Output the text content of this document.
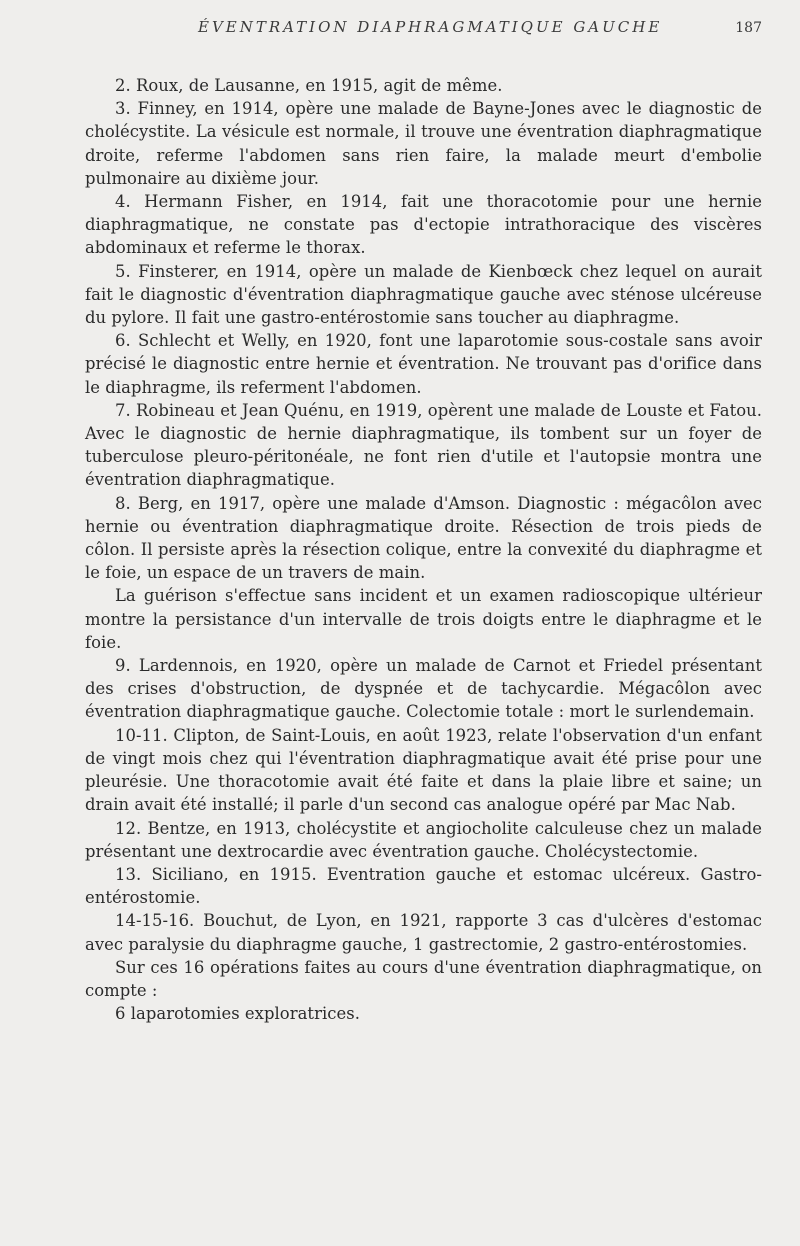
ÉVENTRATION DIAPHRAGMATIQUE GAUCHE	187

2. Roux, de Lausanne, en 1915, agit de même.

3. Finney, en 1914, opère une malade de Bayne-Jones avec le diagnostic de cholécystite. La vésicule est normale, il trouve une éventration diaphragmatique droite, referme l'abdomen sans rien faire, la malade meurt d'embolie pulmonaire au dixième jour.

4. Hermann Fisher, en 1914, fait une thoracotomie pour une hernie diaphragmatique, ne constate pas d'ectopie intrathoracique des viscères abdominaux et referme le thorax.

5. Finsterer, en 1914, opère un malade de Kienbœck chez lequel on aurait fait le diagnostic d'éventration diaphragmatique gauche avec sténose ulcéreuse du pylore. Il fait une gastro-entérostomie sans toucher au diaphragme.

6. Schlecht et Welly, en 1920, font une laparotomie sous-costale sans avoir précisé le diagnostic entre hernie et éventration. Ne trouvant pas d'orifice dans le diaphragme, ils referment l'abdomen.

7. Robineau et Jean Quénu, en 1919, opèrent une malade de Louste et Fatou. Avec le diagnostic de hernie diaphragmatique, ils tombent sur un foyer de tuberculose pleuro-péritonéale, ne font rien d'utile et l'autopsie montra une éventration diaphragmatique.

8. Berg, en 1917, opère une malade d'Amson. Diagnostic : mégacôlon avec hernie ou éventration diaphragmatique droite. Résection de trois pieds de côlon. Il persiste après la résection colique, entre la convexité du diaphragme et le foie, un espace de un travers de main.

La guérison s'effectue sans incident et un examen radioscopique ultérieur montre la persistance d'un intervalle de trois doigts entre le diaphragme et le foie.

9. Lardennois, en 1920, opère un malade de Carnot et Friedel présentant des crises d'obstruction, de dyspnée et de tachycardie. Mégacôlon avec éventration diaphragmatique gauche. Colectomie totale : mort le surlendemain.

10-11. Clipton, de Saint-Louis, en août 1923, relate l'observation d'un enfant de vingt mois chez qui l'éventration diaphragmatique avait été prise pour une pleurésie. Une thoracotomie avait été faite et dans la plaie libre et saine; un drain avait été installé; il parle d'un second cas analogue opéré par Mac Nab.

12. Bentze, en 1913, cholécystite et angiocholite calculeuse chez un malade présentant une dextrocardie avec éventration gauche. Cholécystectomie.

13. Siciliano, en 1915. Eventration gauche et estomac ulcéreux. Gastro-entérostomie.

14-15-16. Bouchut, de Lyon, en 1921, rapporte 3 cas d'ulcères d'estomac avec paralysie du diaphragme gauche, 1 gastrectomie, 2 gastro-entérostomies.

Sur ces 16 opérations faites au cours d'une éventration diaphragmatique, on compte :

6 laparotomies exploratrices.
